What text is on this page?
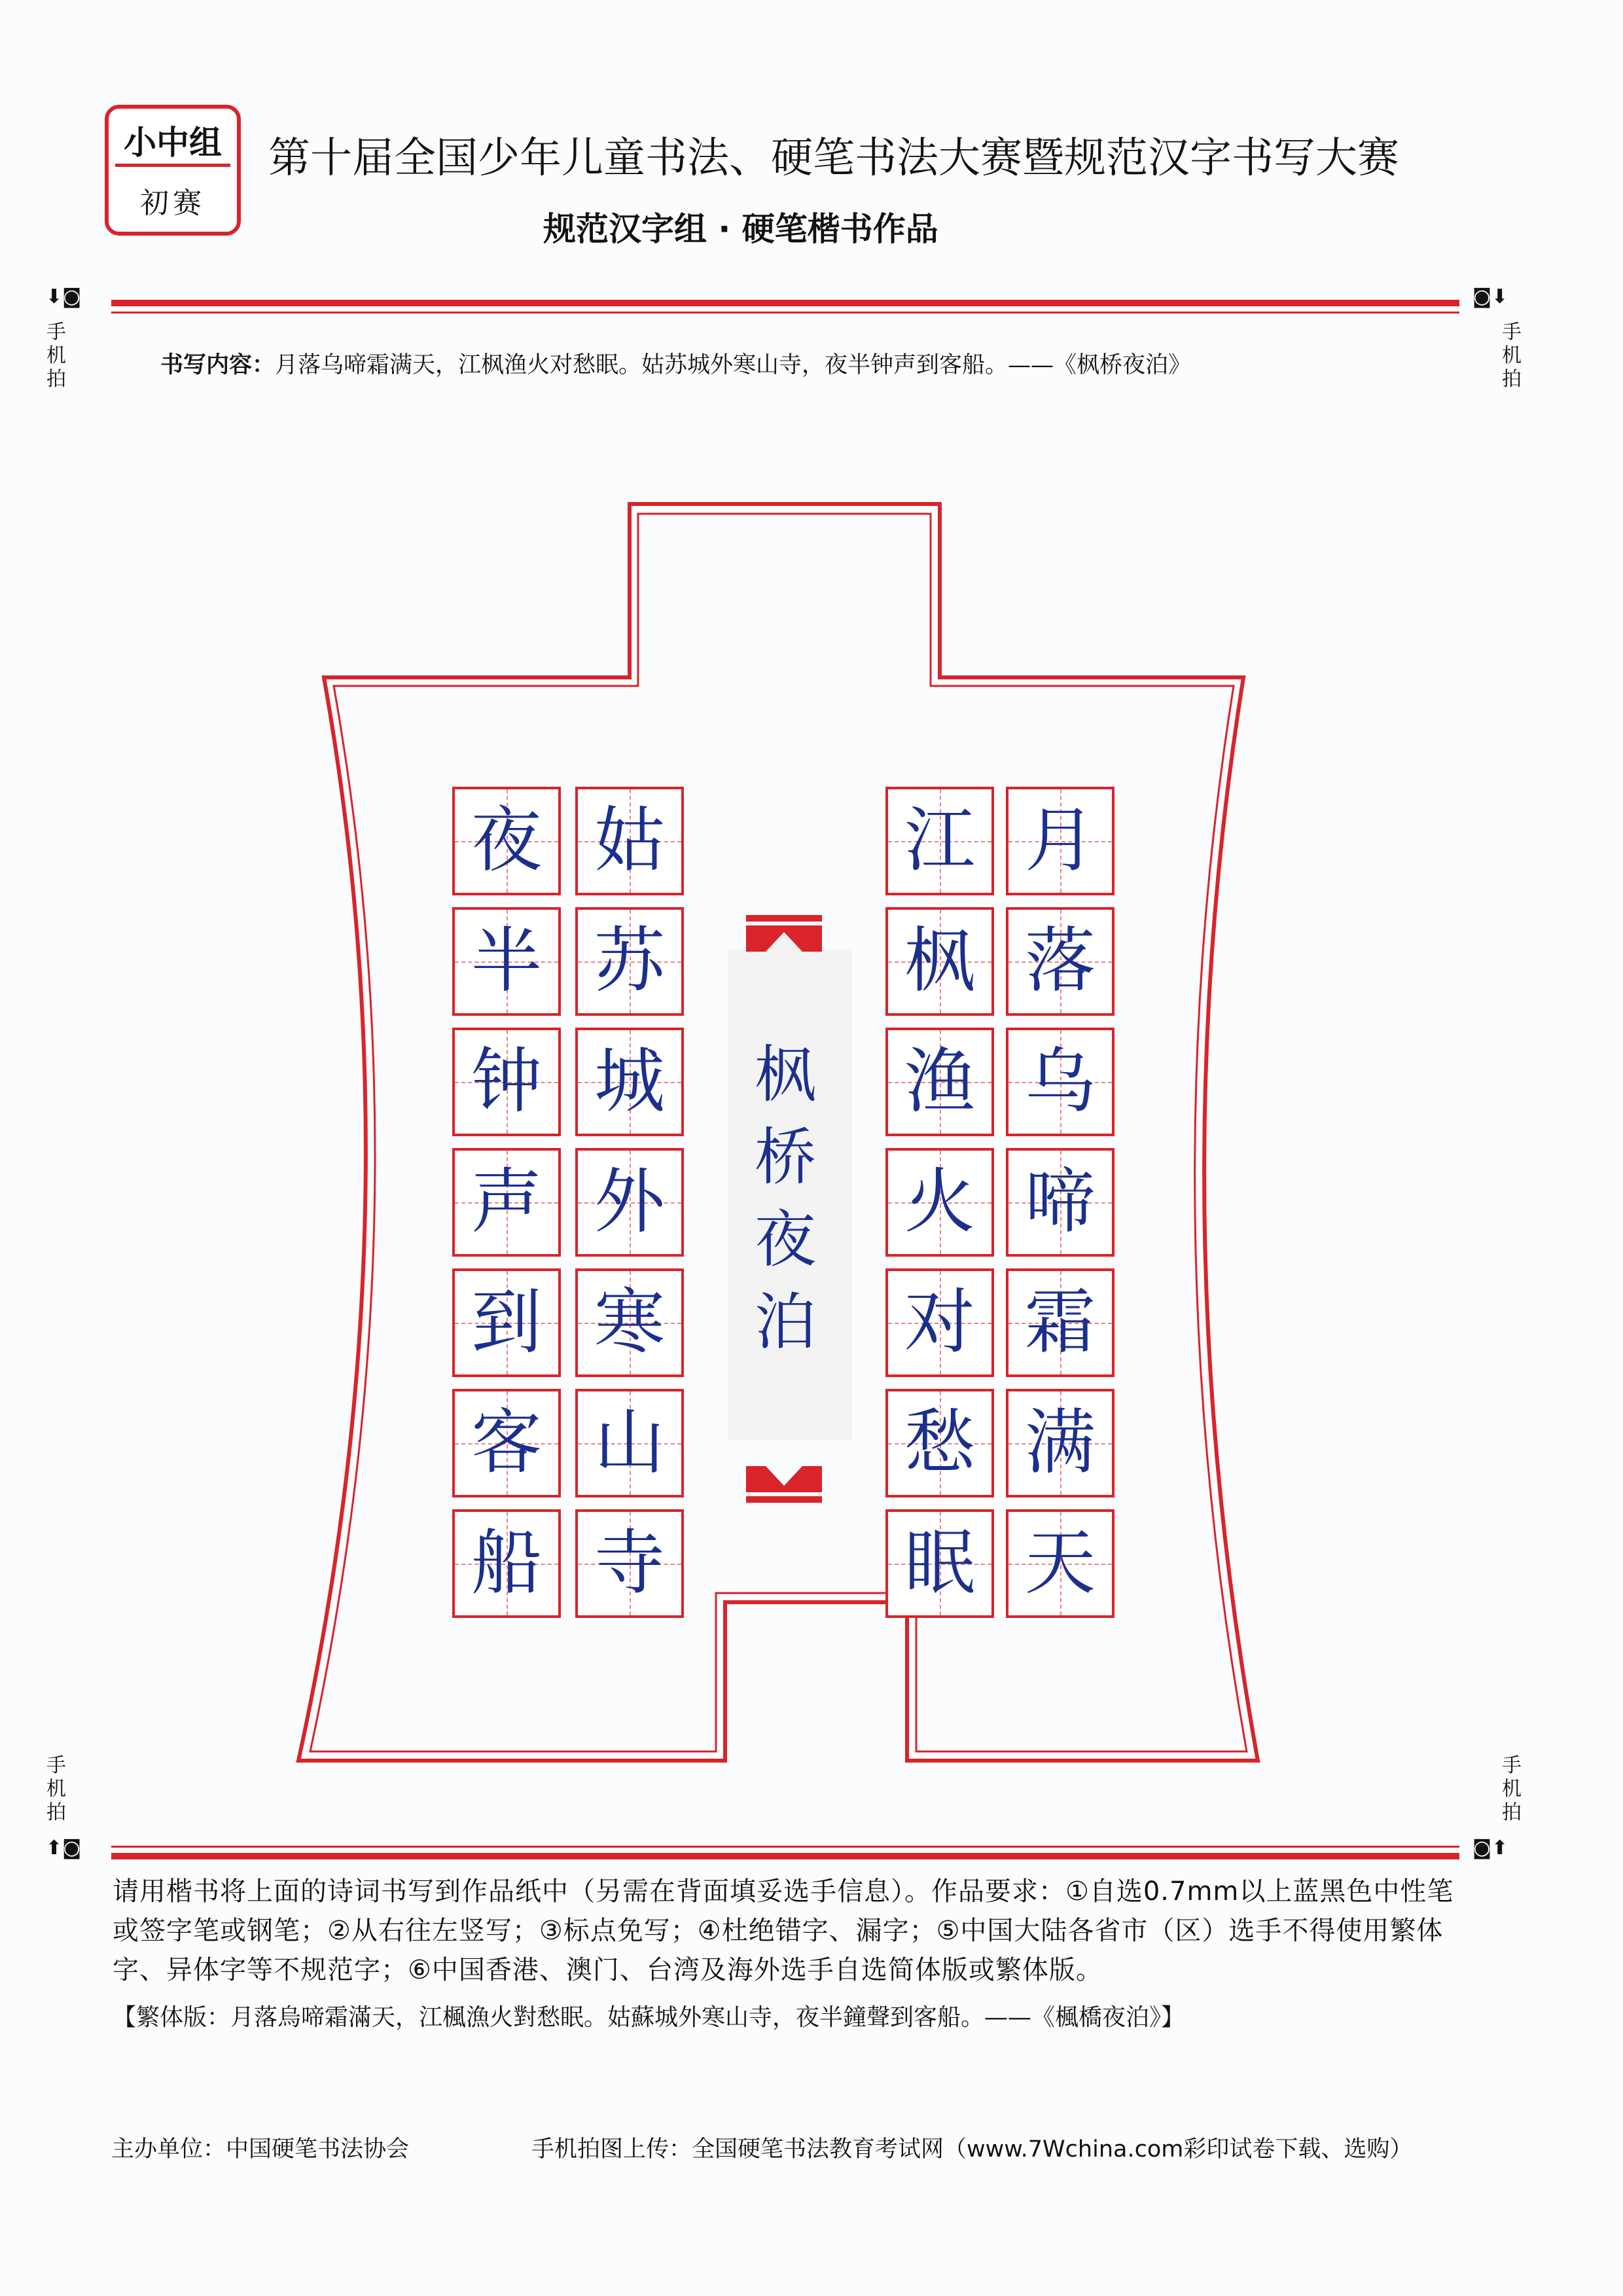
小中组
初赛
第十届全国少年儿童书法、硬笔书法大赛暨规范汉字书写大赛
规范汉字组 · 硬笔楷书作品
⬇◙	◙⬇
⬆◙	◙⬆
手机拍
手机拍
手机拍
手机拍
书写内容：月落乌啼霜满天，江枫渔火对愁眠。姑苏城外寒山寺，夜半钟声到客船。——《枫桥夜泊》
枫
桥
夜
泊
月
落
乌
啼
霜
满
天
江
枫
渔
火
对
愁
眠
姑
苏
城
外
寒
山
寺
夜
半
钟
声
到
客
船
请用楷书将上面的诗词书写到作品纸中（另需在背面填妥选手信息）。作品要求：①自选0.7mm以上蓝黑色中性笔或签字笔或钢笔；②从右往左竖写；③标点免写；④杜绝错字、漏字；⑤中国大陆各省市（区）选手不得使用繁体字、异体字等不规范字；⑥中国香港、澳门、台湾及海外选手自选简体版或繁体版。
【繁体版：月落烏啼霜滿天，江楓漁火對愁眠。姑蘇城外寒山寺，夜半鐘聲到客船。——《楓橋夜泊》】
主办单位：中国硬笔书法协会	手机拍图上传：全国硬笔书法教育考试网（www.7Wchina.com彩印试卷下载、选购）
